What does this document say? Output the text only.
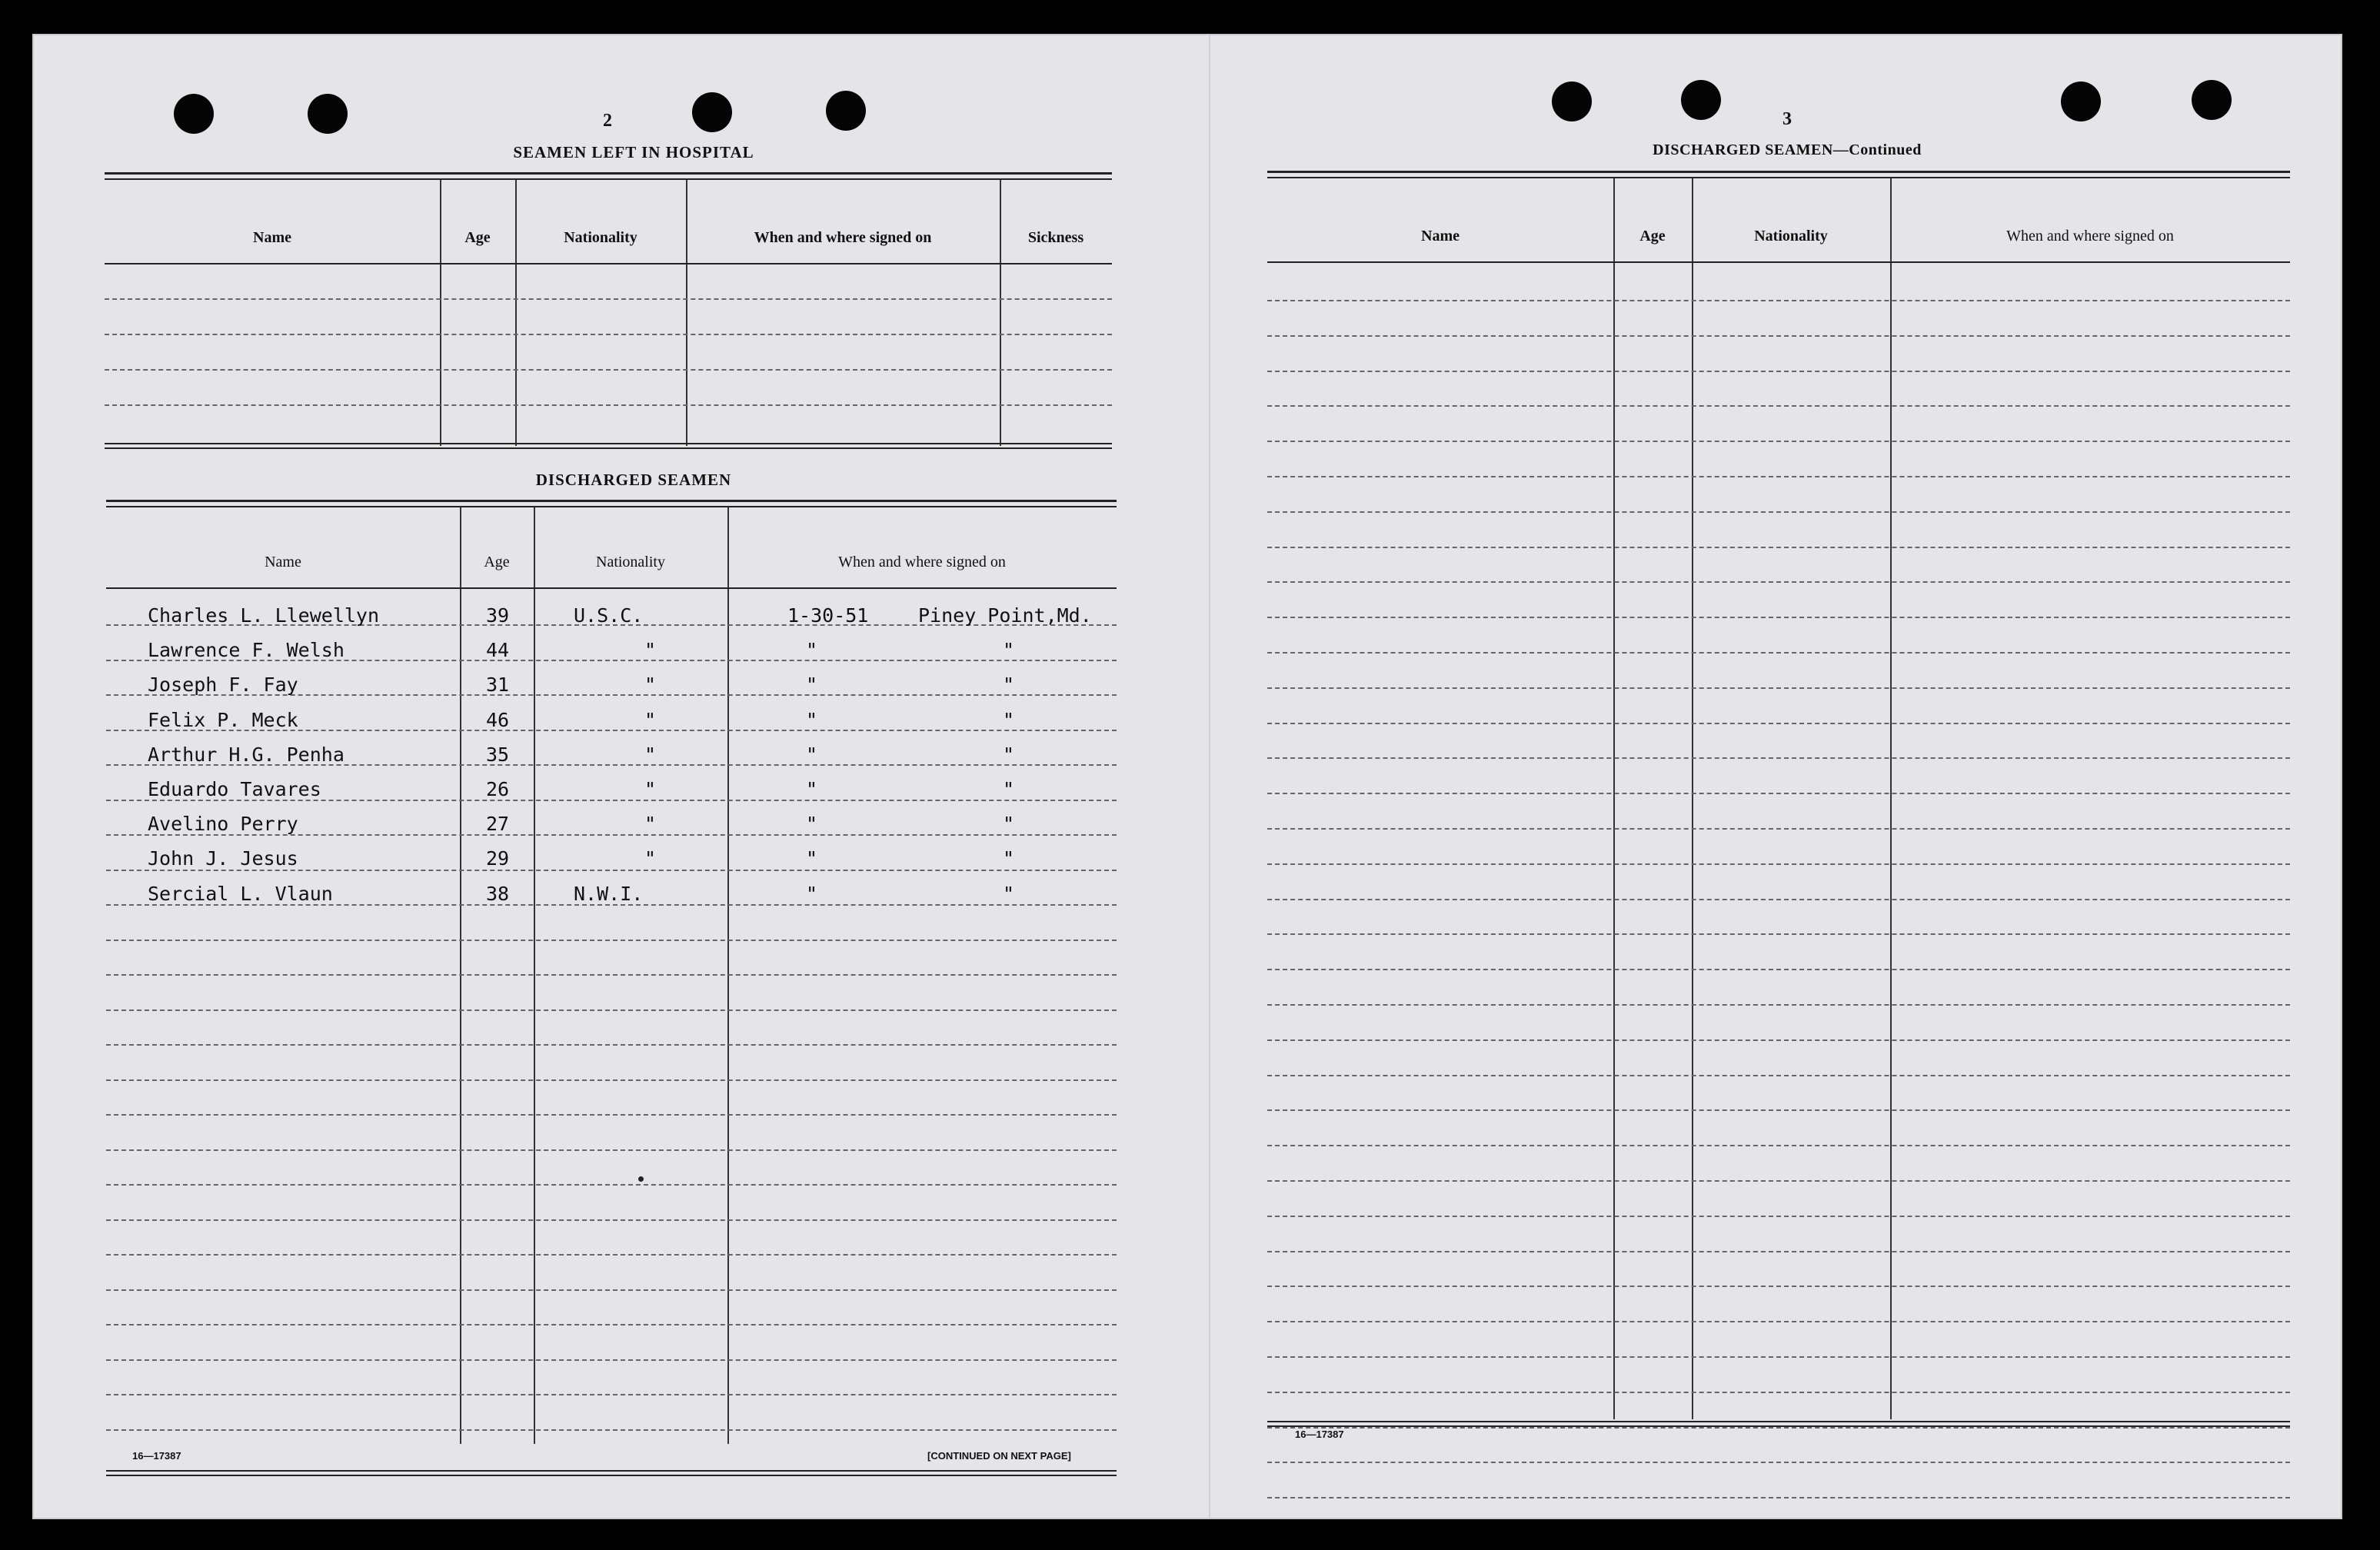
2
SEAMEN LEFT IN HOSPITAL
Name	Age	Nationality	When and where signed on	Sickness
DISCHARGED SEAMEN
Name	Age	Nationality	When and where signed on
Charles L. Llewellyn	39	U.S.C.	1-30-51	Piney Point,Md.
Lawrence F. Welsh	44	"	"	"
Joseph F. Fay	31	"	"	"
Felix P. Meck	46	"	"	"
Arthur H.G. Penha	35	"	"	"
Eduardo Tavares	26	"	"	"
Avelino Perry	27	"	"	"
John J. Jesus	29	"	"	"
Sercial L. Vlaun	38	N.W.I.	"	"
16—17387	[CONTINUED ON NEXT PAGE]
3
DISCHARGED SEAMEN—Continued
Name	Age	Nationality	When and where signed on
16—17387
